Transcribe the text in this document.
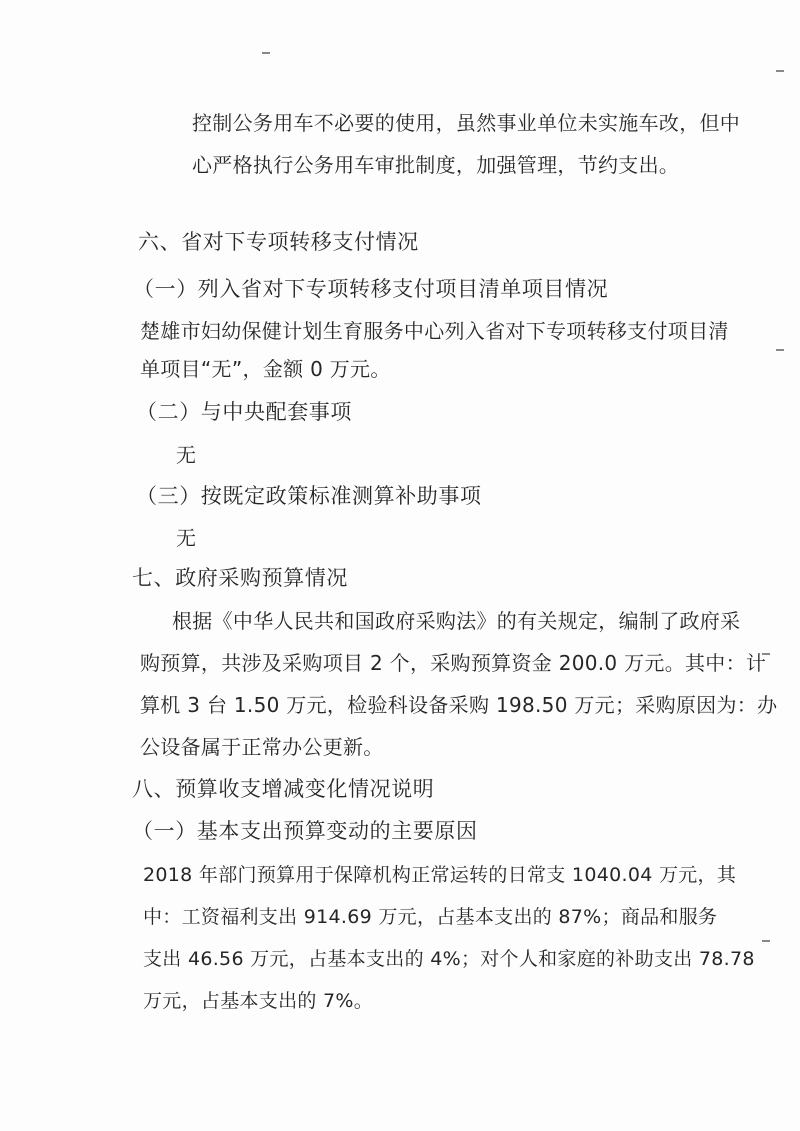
控制公务用车不必要的使用，虽然事业单位未实施车改，但中
心严格执行公务用车审批制度，加强管理，节约支出。
六、省对下专项转移支付情况
（一）列入省对下专项转移支付项目清单项目情况
楚雄市妇幼保健计划生育服务中心列入省对下专项转移支付项目清
单项目“无”，金额 0 万元。
（二）与中央配套事项
无
（三）按既定政策标准测算补助事项
无
七、政府采购预算情况
根据《中华人民共和国政府采购法》的有关规定，编制了政府采
购预算，共涉及采购项目 2 个，采购预算资金 200.0 万元。其中：计
算机 3 台 1.50 万元，检验科设备采购 198.50 万元；采购原因为：办
公设备属于正常办公更新。
八、预算收支增减变化情况说明
（一）基本支出预算变动的主要原因
2018 年部门预算用于保障机构正常运转的日常支 1040.04 万元，其
中：工资福利支出 914.69 万元，占基本支出的 87%；商品和服务
支出 46.56 万元，占基本支出的 4%；对个人和家庭的补助支出 78.78
万元，占基本支出的 7%。
